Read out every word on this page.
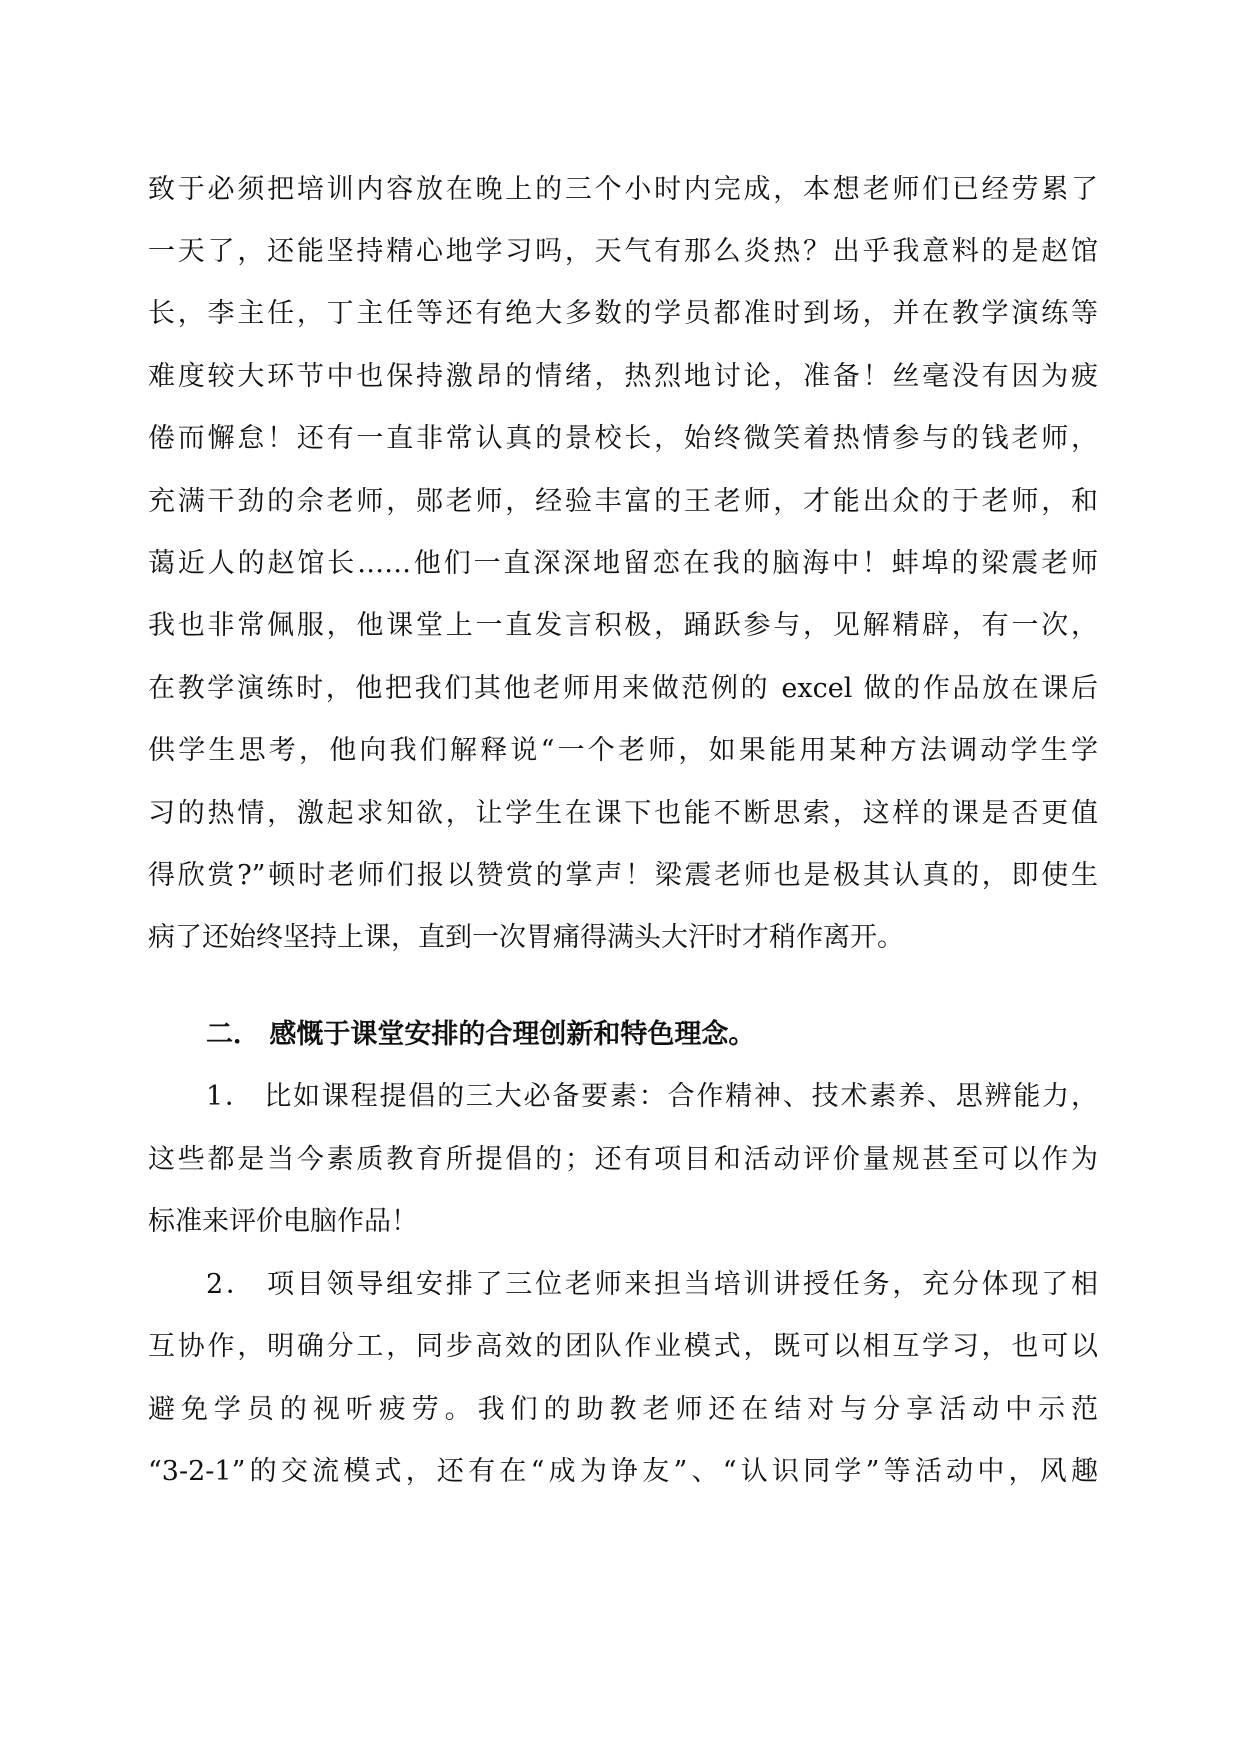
致于必须把培训内容放在晚上的三个小时内完成，本想老师们已经劳累了
一天了，还能坚持精心地学习吗，天气有那么炎热？出乎我意料的是赵馆
长，李主任，丁主任等还有绝大多数的学员都准时到场，并在教学演练等
难度较大环节中也保持激昂的情绪，热烈地讨论，准备！丝毫没有因为疲
倦而懈怠！还有一直非常认真的景校长，始终微笑着热情参与的钱老师，
充满干劲的佘老师，郧老师，经验丰富的王老师，才能出众的于老师，和
蔼近人的赵馆长……他们一直深深地留恋在我的脑海中！蚌埠的梁震老师
我也非常佩服，他课堂上一直发言积极，踊跃参与，见解精辟，有一次，
在教学演练时，他把我们其他老师用来做范例的 excel 做的作品放在课后
供学生思考，他向我们解释说“一个老师，如果能用某种方法调动学生学
习的热情，激起求知欲，让学生在课下也能不断思索，这样的课是否更值
得欣赏?”顿时老师们报以赞赏的掌声！梁震老师也是极其认真的，即使生
病了还始终坚持上课，直到一次胃痛得满头大汗时才稍作离开。
二． 感慨于课堂安排的合理创新和特色理念。
1． 比如课程提倡的三大必备要素：合作精神、技术素养、思辨能力，
这些都是当今素质教育所提倡的；还有项目和活动评价量规甚至可以作为
标准来评价电脑作品！
2． 项目领导组安排了三位老师来担当培训讲授任务，充分体现了相
互协作，明确分工，同步高效的团队作业模式，既可以相互学习，也可以
避免学员的视听疲劳。我们的助教老师还在结对与分享活动中示范
“3-2-1”的交流模式，还有在“成为诤友”、“认识同学”等活动中，风趣
